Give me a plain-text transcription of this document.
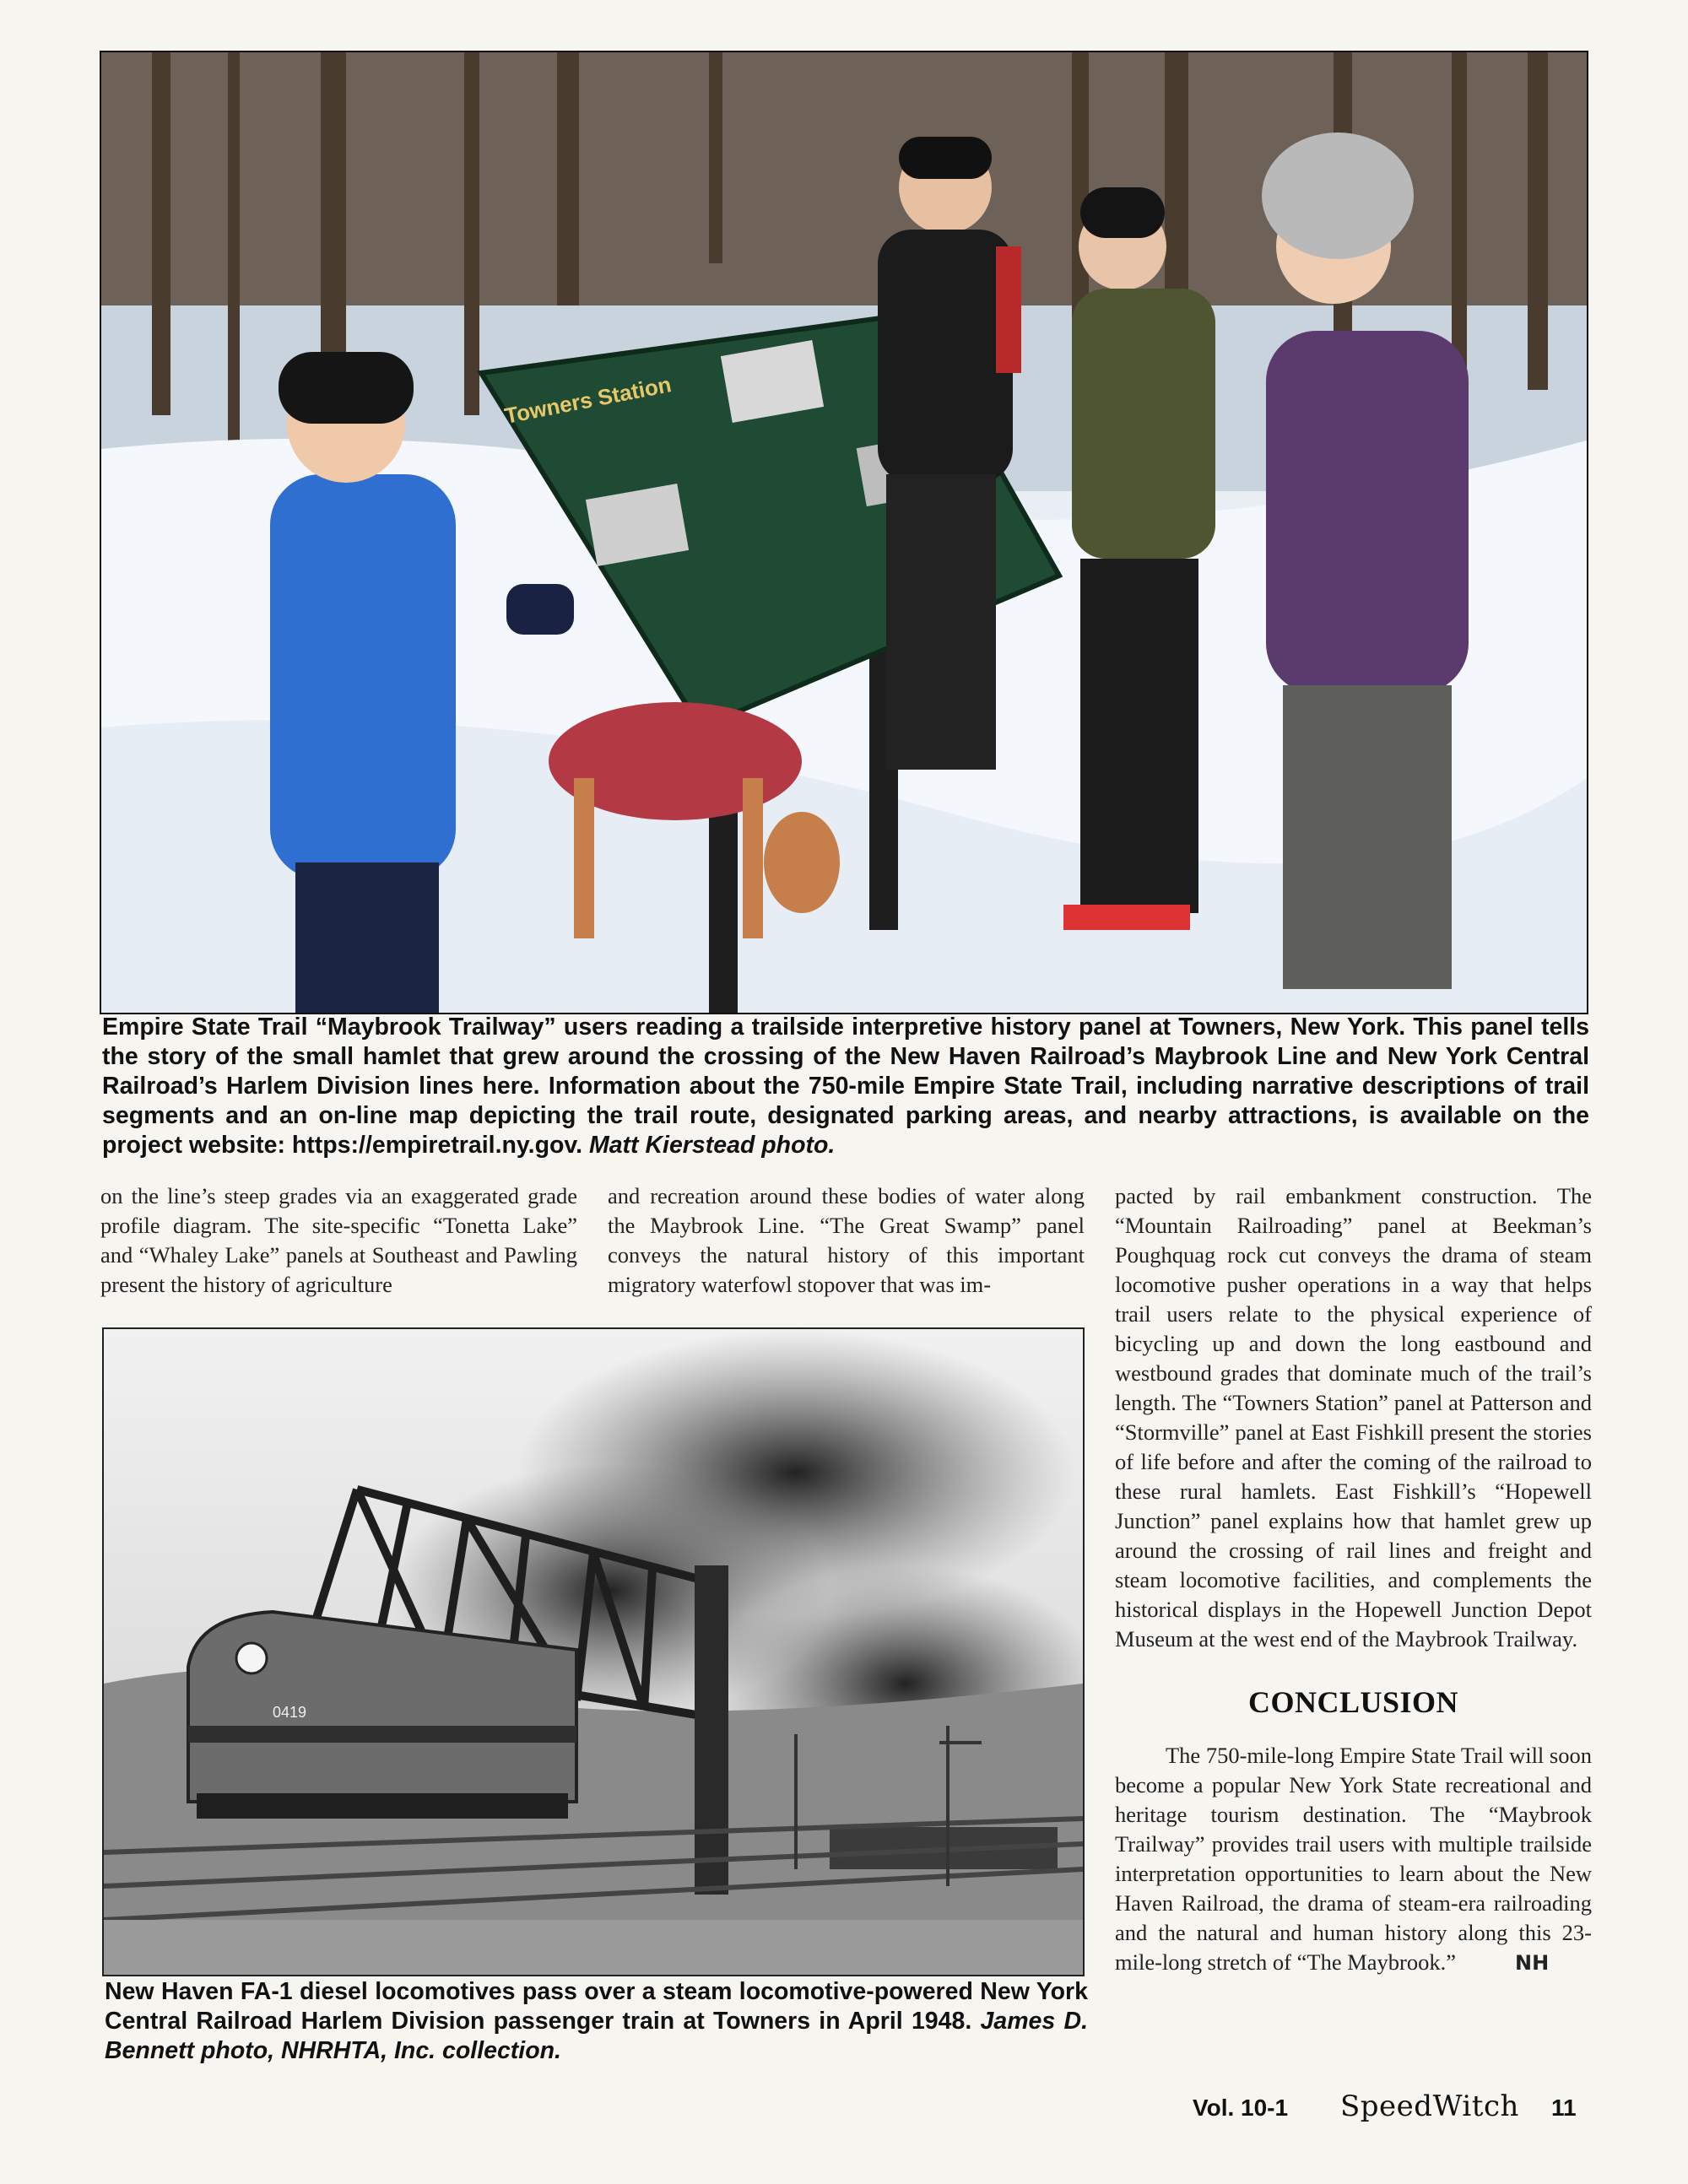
Towners Station
Empire State Trail “Maybrook Trailway” users reading a trailside interpretive history panel at Towners, New York. This panel tells the story of the small hamlet that grew around the crossing of the New Haven Railroad’s Maybrook Line and New York Central Railroad’s Harlem Division lines here. Information about the 750-mile Empire State Trail, including narrative descriptions of trail segments and an on-line map depicting the trail route, designated parking areas, and nearby attractions, is available on the project website: https://empiretrail.ny.gov. Matt Kierstead photo.

on the line’s steep grades via an exaggerated grade profile diagram. The site-specific “Tonetta Lake” and “Whaley Lake” panels at Southeast and Pawling present the history of agriculture

and recreation around these bodies of water along the Maybrook Line. “The Great Swamp” panel conveys the natural history of this important migratory waterfowl stopover that was im-

pacted by rail embankment construction. The “Mountain Railroading” panel at Beekman’s Poughquag rock cut conveys the drama of steam locomotive pusher operations in a way that helps trail users relate to the physical experience of bicycling up and down the long eastbound and westbound grades that dominate much of the trail’s length. The “Towners Station” panel at Patterson and “Stormville” panel at East Fishkill present the stories of life before and after the coming of the railroad to these rural hamlets. East Fishkill’s “Hopewell Junction” panel explains how that hamlet grew up around the crossing of rail lines and freight and steam locomotive facilities, and complements the historical displays in the Hopewell Junction Depot Museum at the west end of the Maybrook Trailway.

CONCLUSION

The 750-mile-long Empire State Trail will soon become a popular New York State recreational and heritage tourism destination. The “Maybrook Trailway” provides trail users with multiple trailside interpretation opportunities to learn about the New Haven Railroad, the drama of steam-era railroading and the natural and human history along this 23-mile-long stretch of “The Maybrook.”	NH

0419
New Haven FA-1 diesel locomotives pass over a steam locomotive-powered New York Central Railroad Harlem Division passenger train at Towners in April 1948. James D. Bennett photo, NHRHTA, Inc. collection.
Vol. 10-1 SpeedWitch 11
